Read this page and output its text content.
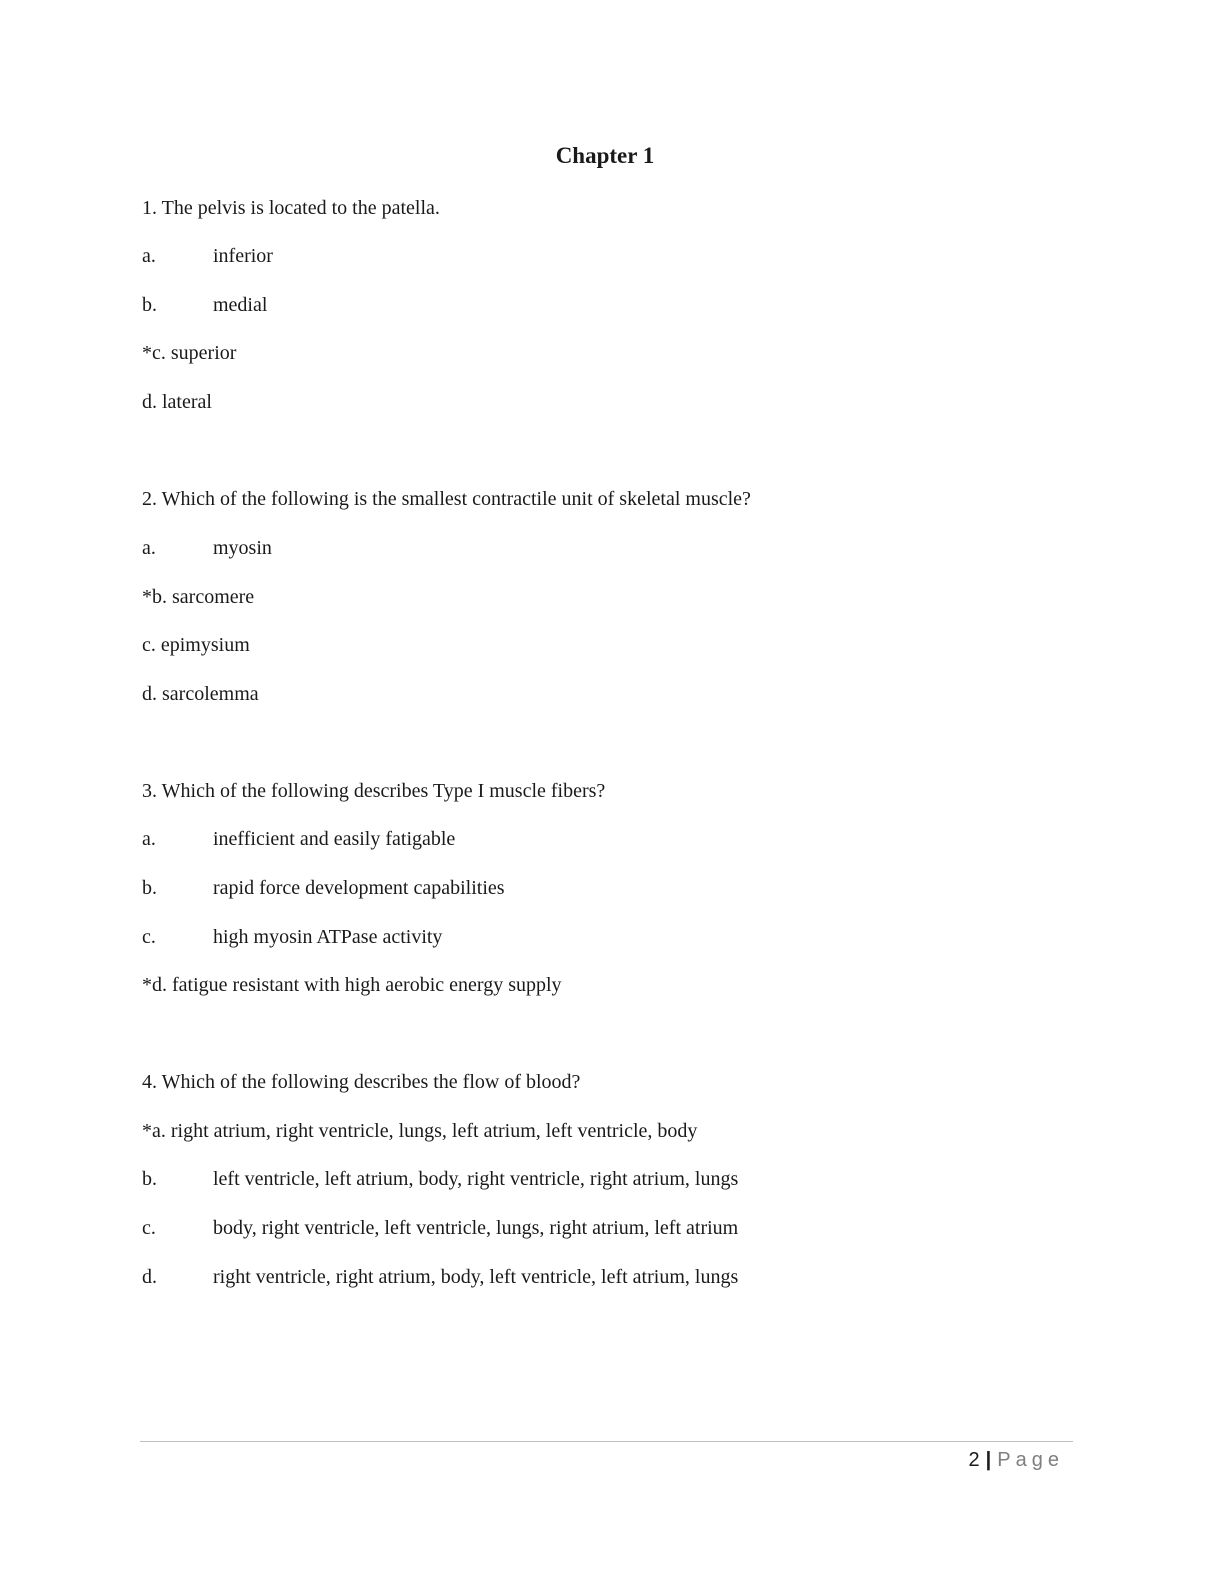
Chapter 1
1. The pelvis is located to the patella.
a.	inferior
b.	medial
*c. superior
d. lateral
2. Which of the following is the smallest contractile unit of skeletal muscle?
a.	myosin
*b. sarcomere
c. epimysium
d. sarcolemma
3. Which of the following describes Type I muscle fibers?
a.	inefficient and easily fatigable
b.	rapid force development capabilities
c.	high myosin ATPase activity
*d. fatigue resistant with high aerobic energy supply
4. Which of the following describes the flow of blood?
*a. right atrium, right ventricle, lungs, left atrium, left ventricle, body
b.	left ventricle, left atrium, body, right ventricle, right atrium, lungs
c.	body, right ventricle, left ventricle, lungs, right atrium, left atrium
d.	right ventricle, right atrium, body, left ventricle, left atrium, lungs
2 | Page
